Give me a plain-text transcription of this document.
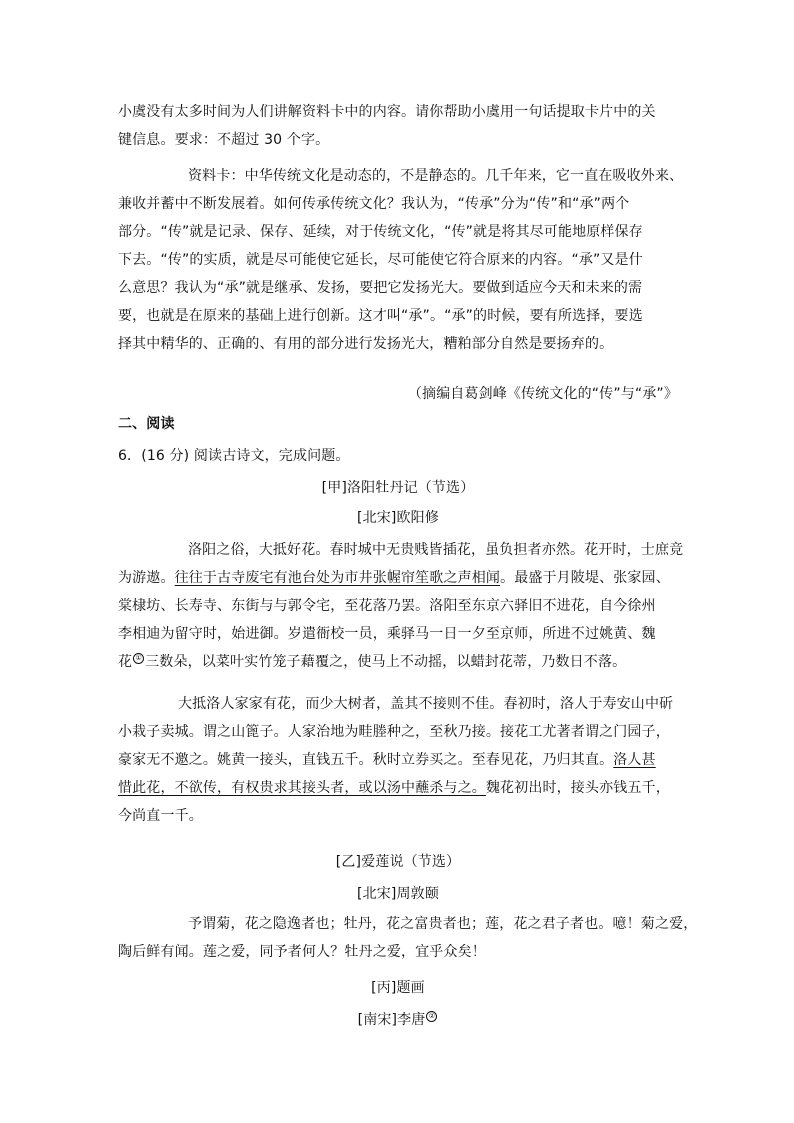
小虞没有太多时间为人们讲解资料卡中的内容。请你帮助小虞用一句话提取卡片中的关
键信息。要求：不超过 30 个字。

资料卡：中华传统文化是动态的，不是静态的。几千年来，它一直在吸收外来、
兼收并蓄中不断发展着。如何传承传统文化？我认为，“传承”分为“传”和“承”两个
部分。“传”就是记录、保存、延续，对于传统文化，“传”就是将其尽可能地原样保存
下去。“传”的实质，就是尽可能使它延长，尽可能使它符合原来的内容。“承”又是什
么意思？我认为“承”就是继承、发扬，要把它发扬光大。要做到适应今天和未来的需
要，也就是在原来的基础上进行创新。这才叫“承”。“承”的时候，要有所选择，要选
择其中精华的、正确的、有用的部分进行发扬光大，糟粕部分自然是要扬弃的。

（摘编自葛剑峰《传统文化的“传”与“承”》

二、阅读

6．(16 分) 阅读古诗文，完成问题。

[甲]洛阳牡丹记（节选）

[北宋]欧阳修

洛阳之俗，大抵好花。春时城中无贵贱皆插花，虽负担者亦然。花开时，士庶竞
为游遨。往往于古寺废宅有池台处为市井张幄帘笙歌之声相闻。最盛于月陂堤、张家园、
棠棣坊、长寿寺、东街与与郭令宅，至花落乃罢。洛阳至东京六驿旧不进花，自今徐州
李相迪为留守时，始进御。岁遣衙校一员，乘驿马一日一夕至京师，所进不过姚黄、魏
花 ① 三数朵，以菜叶实竹笼子藉覆之，使马上不动摇，以蜡封花蒂，乃数日不落。

大抵洛人家家有花，而少大树者，盖其不接则不佳。春初时，洛人于寿安山中斫
小栽子卖城。谓之山篦子。人家治地为畦塍种之，至秋乃接。接花工尤著者谓之门园子，
豪家无不邀之。姚黄一接头，直钱五千。秋时立券买之。至春见花，乃归其直。洛人甚
惜此花，不欲传，有权贵求其接头者，或以汤中蘸杀与之。魏花初出时，接头亦钱五千，
今尚直一千。

[乙]爱莲说（节选）

[北宋]周敦颐

予谓菊，花之隐逸者也；牡丹，花之富贵者也；莲，花之君子者也。噫！菊之爱，
陶后鲜有闻。莲之爱，同予者何人？牡丹之爱，宜乎众矣！

[丙]题画

[南宋]李唐 ②
